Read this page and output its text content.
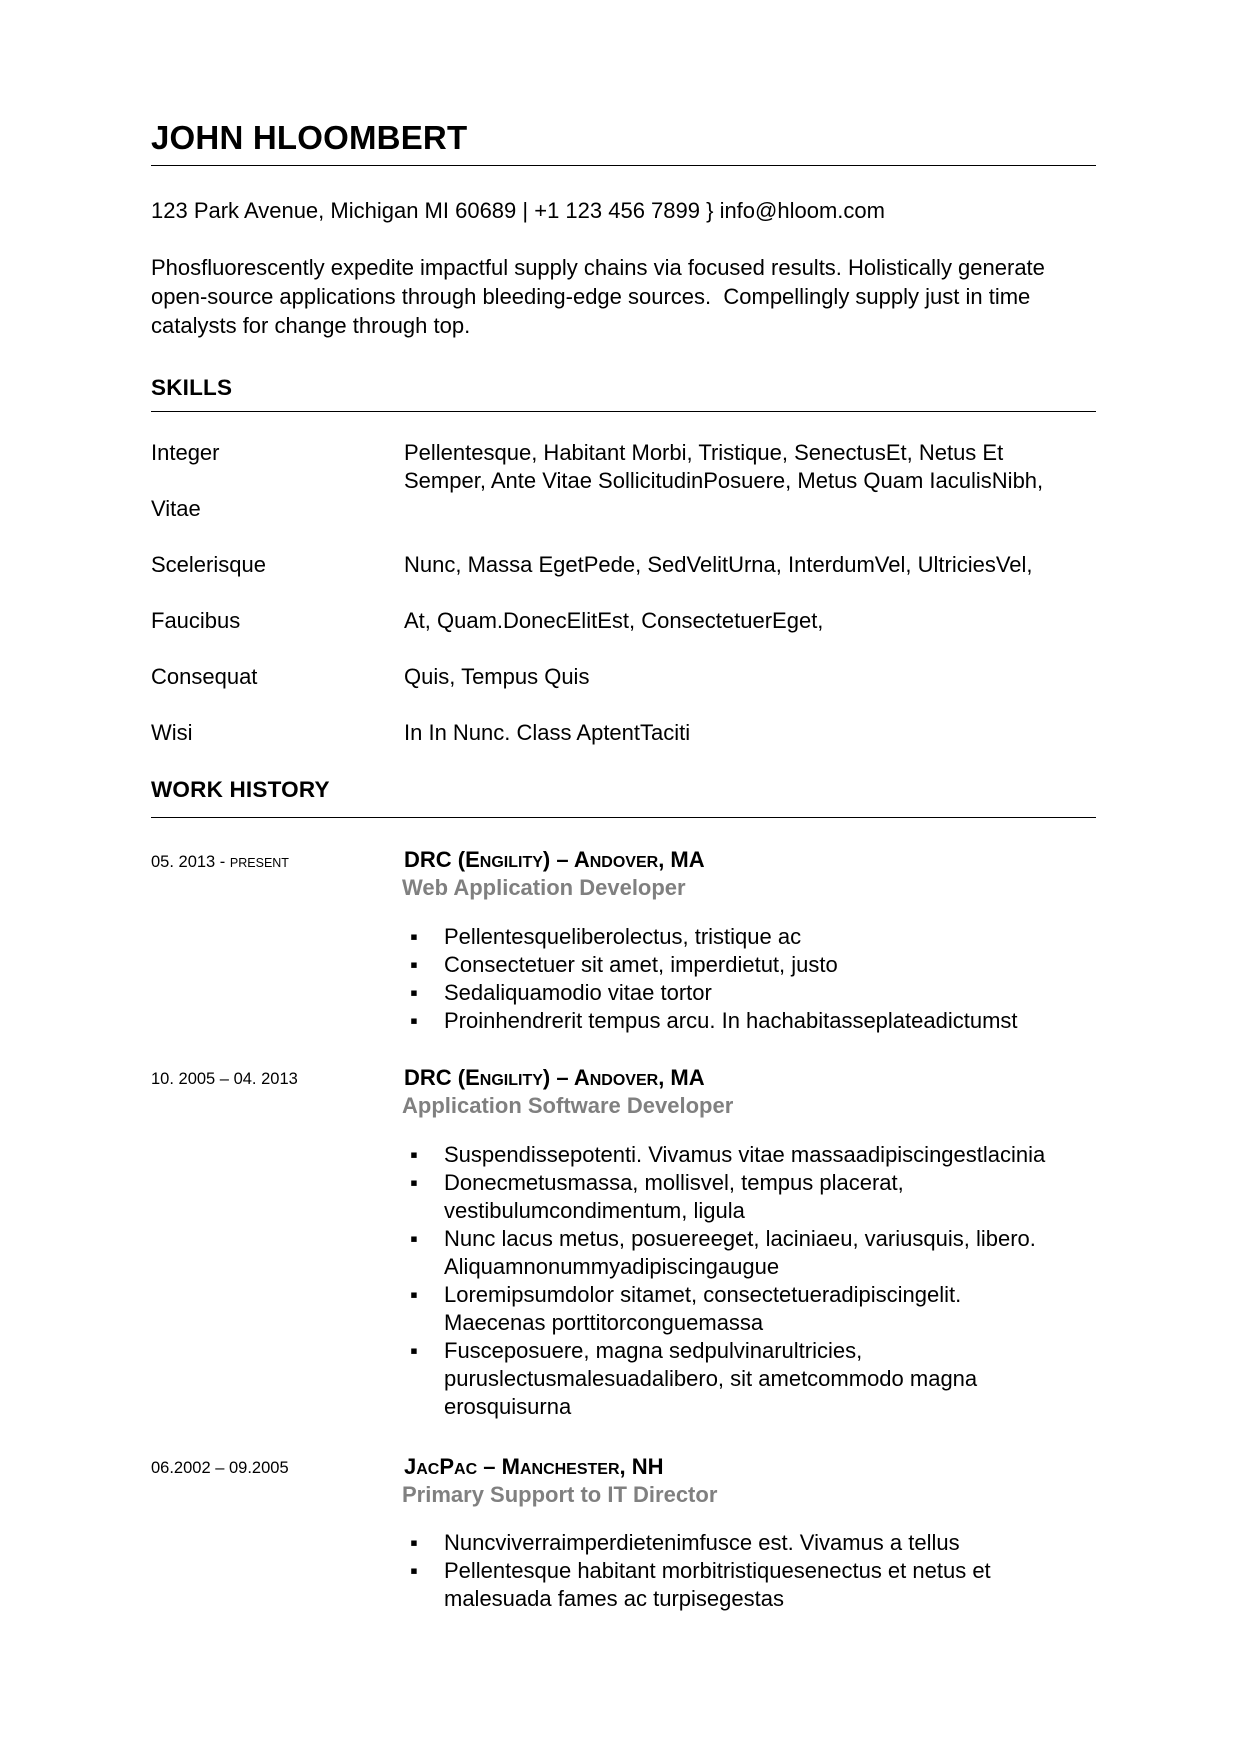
JOHN HLOOMBERT
123 Park Avenue, Michigan MI 60689 | +1 123 456 7899 } info@hloom.com
Phosfluorescently expedite impactful supply chains via focused results. Holistically generate
open-source applications through bleeding-edge sources.  Compellingly supply just in time
catalysts for change through top.
SKILLS
Integer	Pellentesque, Habitant Morbi, Tristique, SenectusEt, Netus Et
Semper, Ante Vitae SollicitudinPosuere, Metus Quam IaculisNibh,
Vitae
Scelerisque	Nunc, Massa EgetPede, SedVelitUrna, InterdumVel, UltriciesVel,
Faucibus	At, Quam.DonecElitEst, ConsectetuerEget,
Consequat	Quis, Tempus Quis
Wisi	In In Nunc. Class AptentTaciti
WORK HISTORY
05. 2013 - PRESENT	DRC (ENGILITY) – ANDOVER, MA
Web Application Developer
▪ Pellentesqueliberolectus, tristique ac
▪ Consectetuer sit amet, imperdietut, justo
▪ Sedaliquamodio vitae tortor
▪ Proinhendrerit tempus arcu. In hachabitasseplateadictumst
10. 2005 – 04. 2013	DRC (ENGILITY) – ANDOVER, MA
Application Software Developer
▪ Suspendissepotenti. Vivamus vitae massaadipiscingestlacinia
▪ Donecmetusmassa, mollisvel, tempus placerat,
vestibulumcondimentum, ligula
▪ Nunc lacus metus, posuereeget, laciniaeu, variusquis, libero.
Aliquamnonummyadipiscingaugue
▪ Loremipsumdolor sitamet, consectetueradipiscingelit.
Maecenas porttitorconguemassa
▪ Fusceposuere, magna sedpulvinarultricies,
puruslectusmalesuadalibero, sit ametcommodo magna
erosquisurna
06.2002 – 09.2005	JACPAC – MANCHESTER, NH
Primary Support to IT Director
▪ Nuncviverraimperdietenimfusce est. Vivamus a tellus
▪ Pellentesque habitant morbitristiquesenectus et netus et
malesuada fames ac turpisegestas
